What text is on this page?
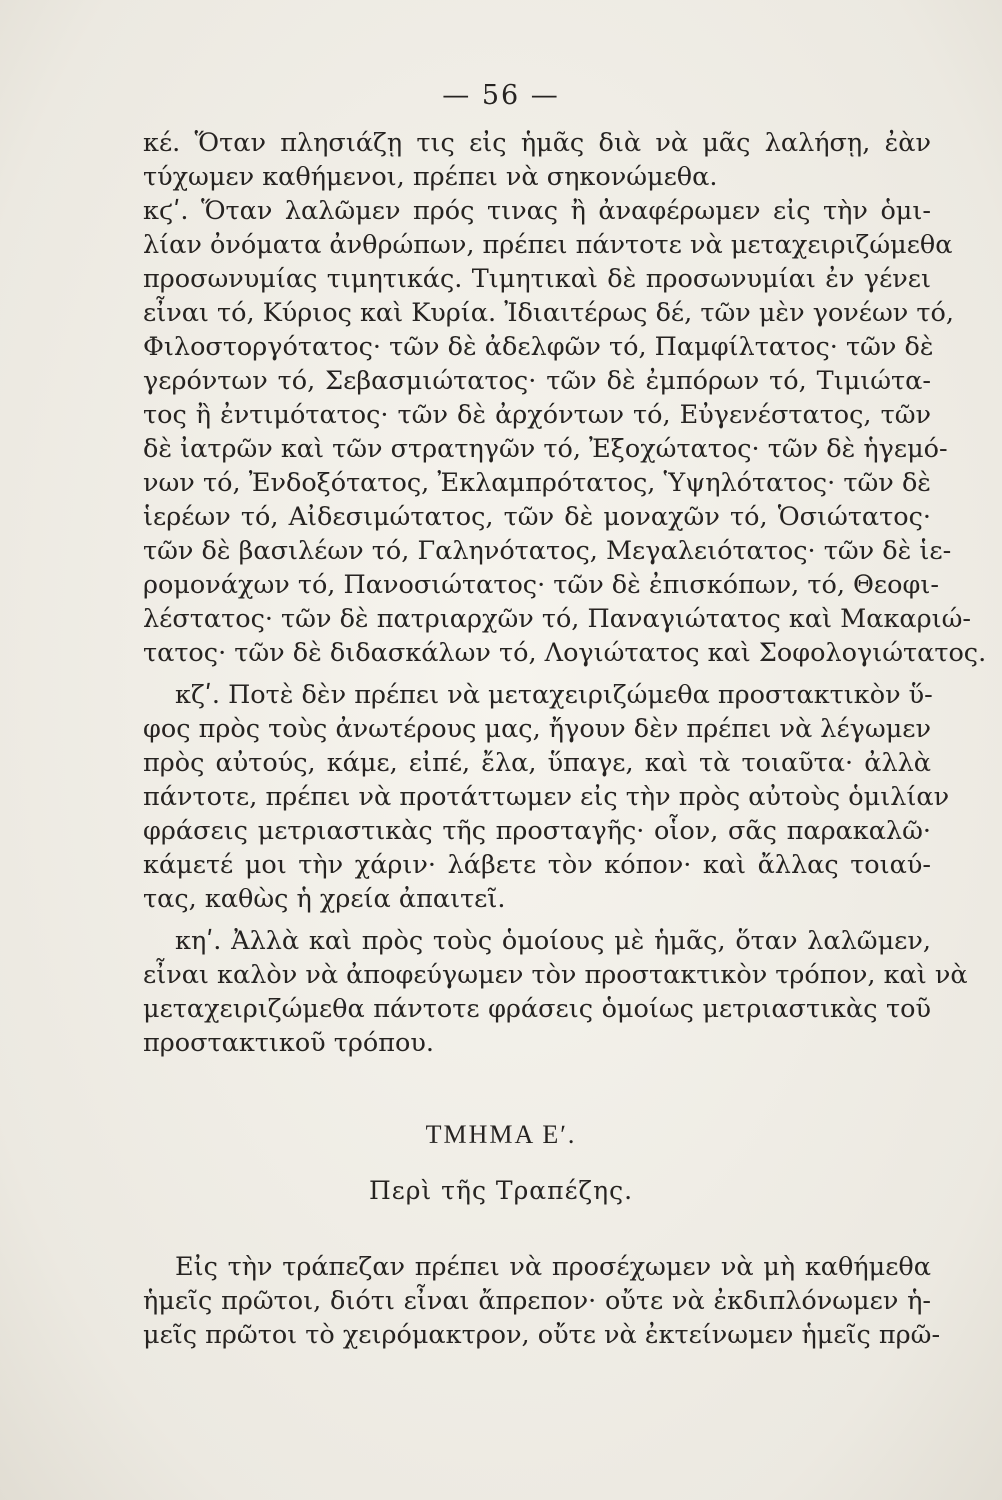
— 56 —
κέ. Ὅταν πλησιάζῃ τις εἰς ἡμᾶς διὰ νὰ μᾶς λαλήσῃ, ἐὰν
τύχωμεν καθήμενοι, πρέπει νὰ σηκονώμεθα.
κϛʹ. Ὅταν λαλῶμεν πρός τινας ἢ ἀναφέρωμεν εἰς τὴν ὁμι-
λίαν ὀνόματα ἀνθρώπων, πρέπει πάντοτε νὰ μεταχειριζώμεθα
προσωνυμίας τιμητικάς. Τιμητικαὶ δὲ προσωνυμίαι ἐν γένει
εἶναι τό, Κύριος καὶ Κυρία. Ἰδιαιτέρως δέ, τῶν μὲν γονέων τό,
Φιλοστοργότατος· τῶν δὲ ἀδελφῶν τό, Παμφίλτατος· τῶν δὲ
γερόντων τό, Σεβασμιώτατος· τῶν δὲ ἐμπόρων τό, Τιμιώτα-
τος ἢ ἐντιμότατος· τῶν δὲ ἀρχόντων τό, Εὐγενέστατος, τῶν
δὲ ἰατρῶν καὶ τῶν στρατηγῶν τό, Ἐξοχώτατος· τῶν δὲ ἡγεμό-
νων τό, Ἐνδοξότατος, Ἐκλαμπρότατος, Ὑψηλότατος· τῶν δὲ
ἱερέων τό, Αἰδεσιμώτατος, τῶν δὲ μοναχῶν τό, Ὁσιώτατος·
τῶν δὲ βασιλέων τό, Γαληνότατος, Μεγαλειότατος· τῶν δὲ ἱε-
ρομονάχων τό, Πανοσιώτατος· τῶν δὲ ἐπισκόπων, τό, Θεοφι-
λέστατος· τῶν δὲ πατριαρχῶν τό, Παναγιώτατος καὶ Μακαριώ-
τατος· τῶν δὲ διδασκάλων τό, Λογιώτατος καὶ Σοφολογιώτατος.
κζʹ. Ποτὲ δὲν πρέπει νὰ μεταχειριζώμεθα προστακτικὸν ὕ-
φος πρὸς τοὺς ἀνωτέρους μας, ἤγουν δὲν πρέπει νὰ λέγωμεν
πρὸς αὐτούς, κάμε, εἰπέ, ἔλα, ὕπαγε, καὶ τὰ τοιαῦτα· ἀλλὰ
πάντοτε, πρέπει νὰ προτάττωμεν εἰς τὴν πρὸς αὐτοὺς ὁμιλίαν
φράσεις μετριαστικὰς τῆς προσταγῆς· οἷον, σᾶς παρακαλῶ·
κάμετέ μοι τὴν χάριν· λάβετε τὸν κόπον· καὶ ἄλλας τοιαύ-
τας, καθὼς ἡ χρεία ἀπαιτεῖ.
κηʹ. Ἀλλὰ καὶ πρὸς τοὺς ὁμοίους μὲ ἡμᾶς, ὅταν λαλῶμεν,
εἶναι καλὸν νὰ ἀποφεύγωμεν τὸν προστακτικὸν τρόπον, καὶ νὰ
μεταχειριζώμεθα πάντοτε φράσεις ὁμοίως μετριαστικὰς τοῦ
προστακτικοῦ τρόπου.
ΤΜΗΜΑ Εʹ.
Περὶ τῆς Τραπέζης.
Εἰς τὴν τράπεζαν πρέπει νὰ προσέχωμεν νὰ μὴ καθήμεθα
ἡμεῖς πρῶτοι, διότι εἶναι ἄπρεπον· οὔτε νὰ ἐκδιπλόνωμεν ἡ-
μεῖς πρῶτοι τὸ χειρόμακτρον, οὔτε νὰ ἐκτείνωμεν ἡμεῖς πρῶ-
